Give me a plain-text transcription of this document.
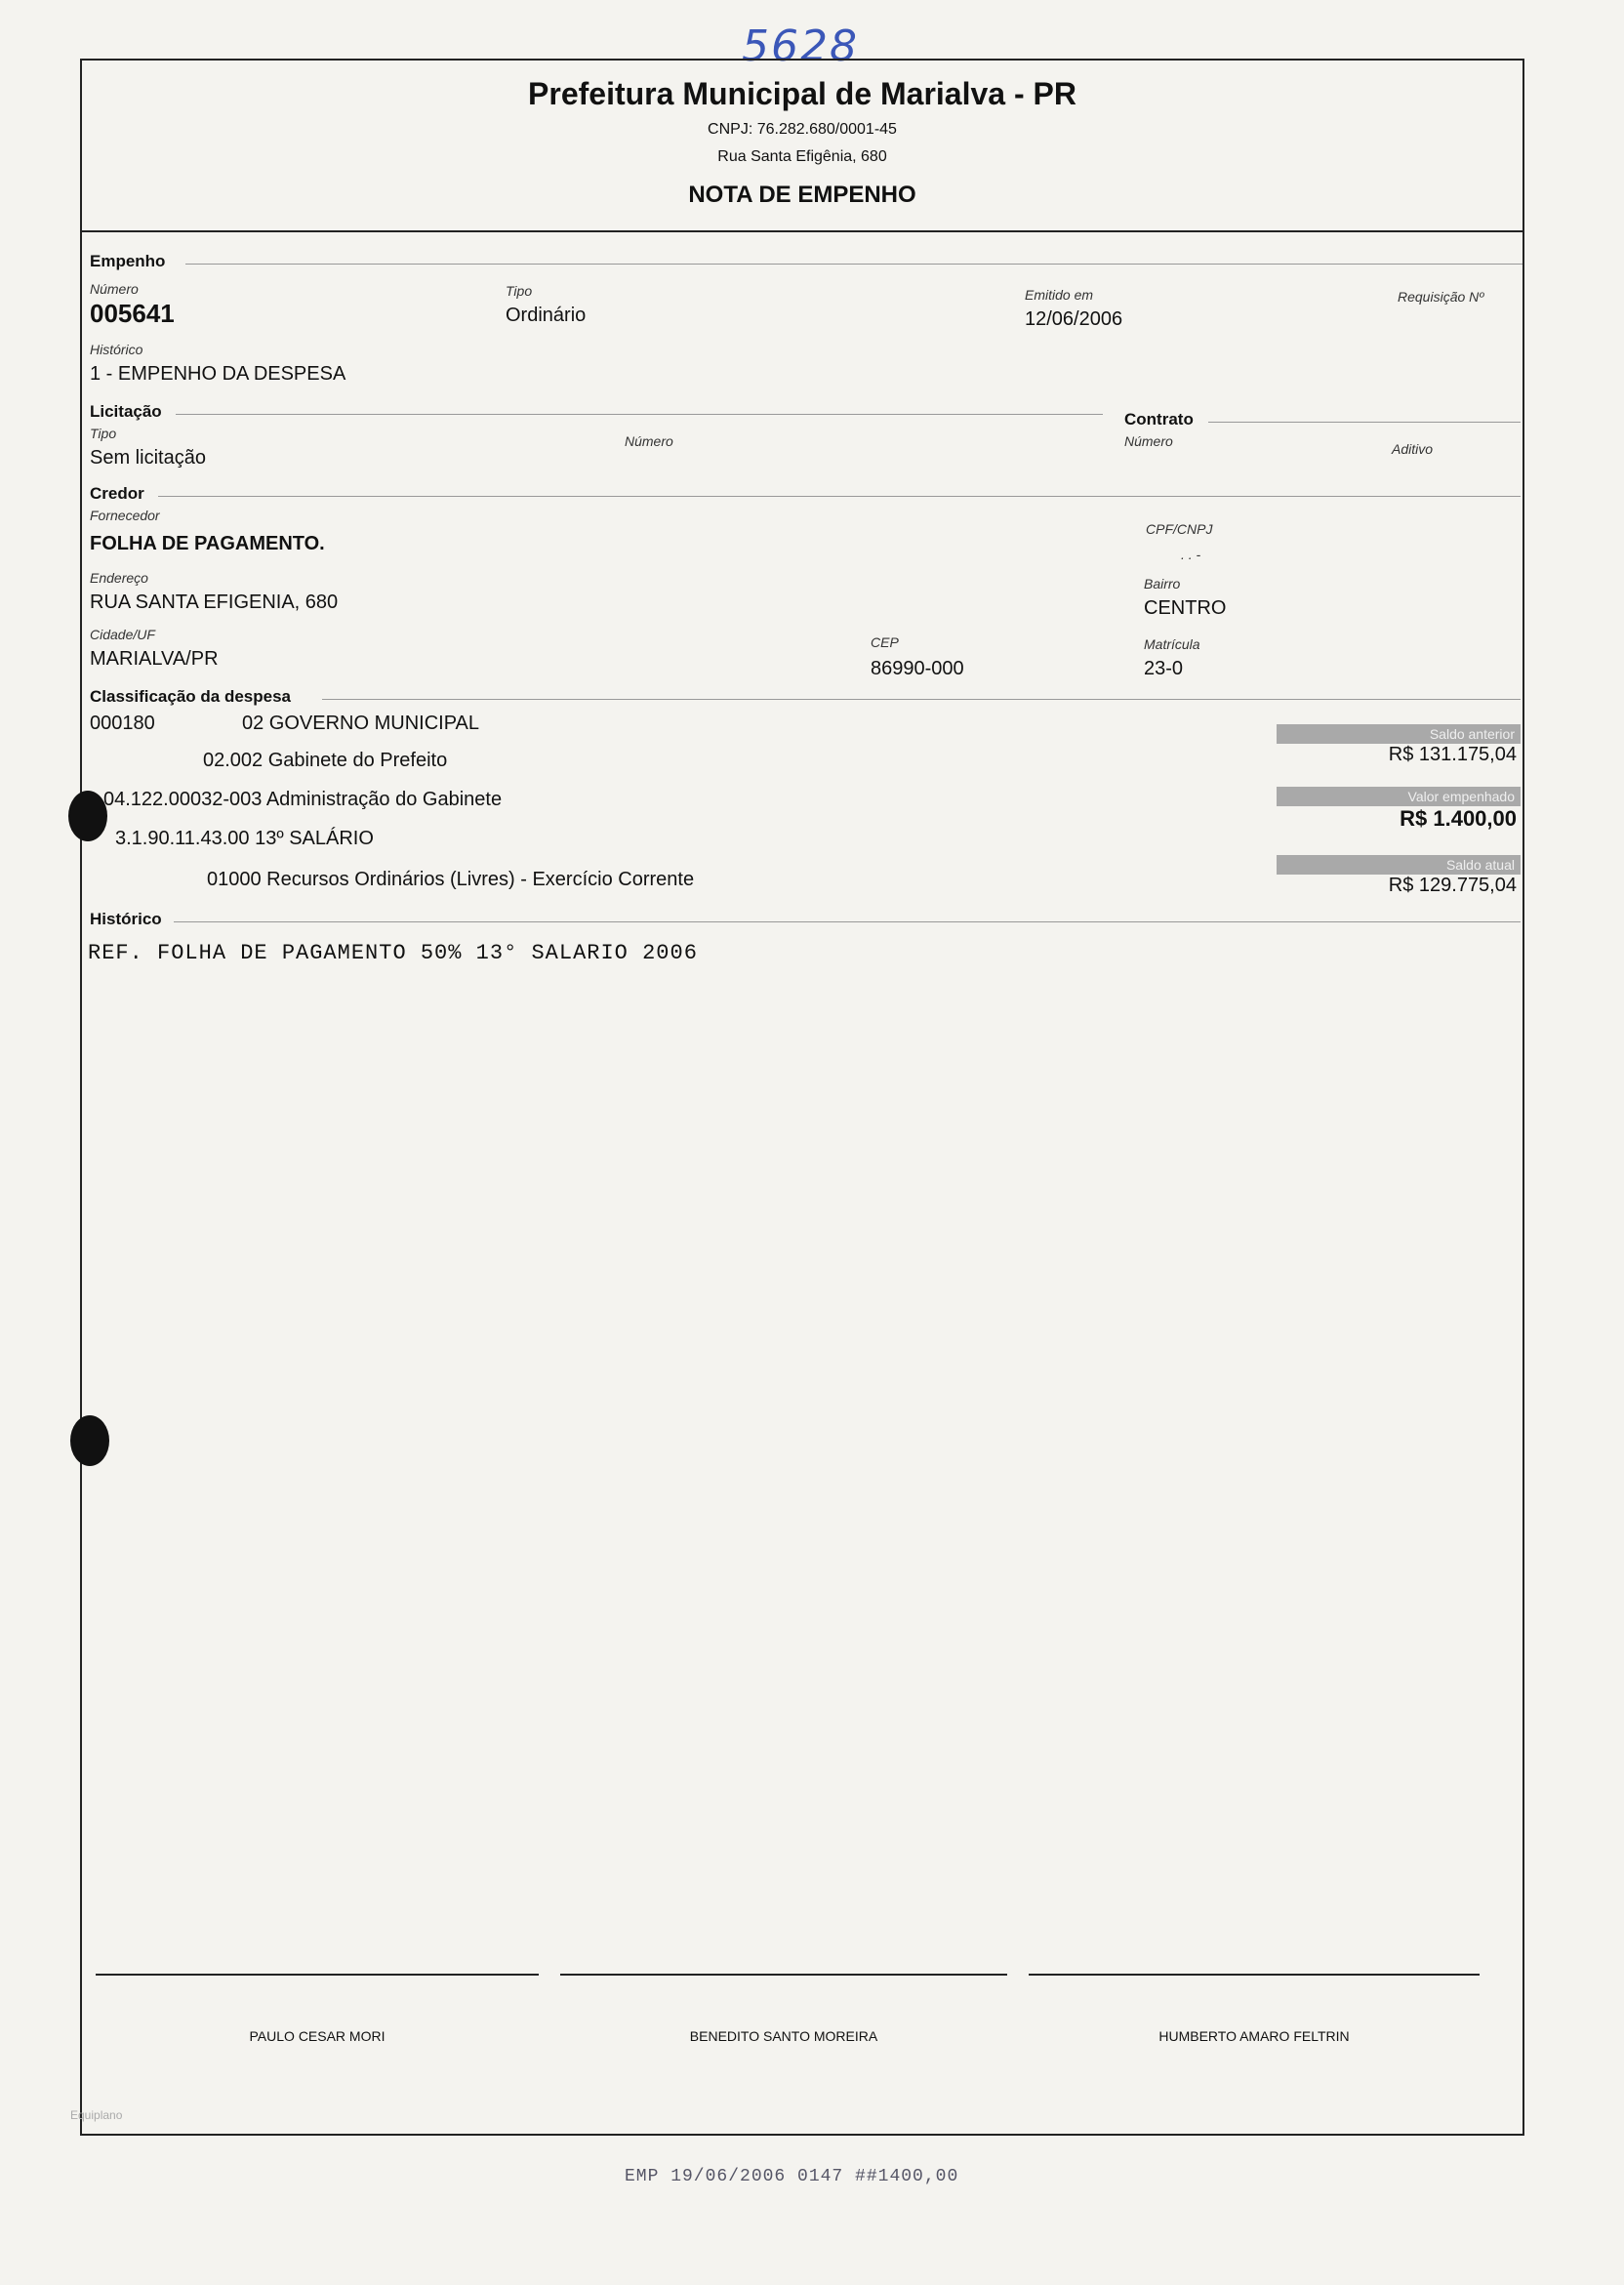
5628
Prefeitura Municipal de Marialva - PR
CNPJ: 76.282.680/0001-45
Rua Santa Efigênia, 680
NOTA DE EMPENHO
Empenho
Número
005641
Tipo
Ordinário
Emitido em
12/06/2006
Requisição Nº
Histórico
1 - EMPENHO DA DESPESA
Licitação
Tipo
Sem licitação
Número
Contrato
Número	Aditivo
Credor
Fornecedor
FOLHA DE PAGAMENTO.
CPF/CNPJ
. . -
Endereço
RUA SANTA EFIGENIA, 680
Bairro
CENTRO
Cidade/UF
MARIALVA/PR
CEP
86990-000
Matrícula
23-0
Classificação da despesa
000180	02 GOVERNO MUNICIPAL
02.002 Gabinete do Prefeito
04.122.00032-003 Administração do Gabinete
3.1.90.11.43.00 13º SALÁRIO
01000 Recursos Ordinários (Livres) - Exercício Corrente
Saldo anterior
R$ 131.175,04
Valor empenhado
R$ 1.400,00
Saldo atual
R$ 129.775,04
Histórico
REF. FOLHA DE PAGAMENTO 50% 13° SALARIO 2006
PAULO CESAR MORI	BENEDITO SANTO MOREIRA	HUMBERTO AMARO FELTRIN
Equiplano
EMP 19/06/2006 0147 ##1400,00
